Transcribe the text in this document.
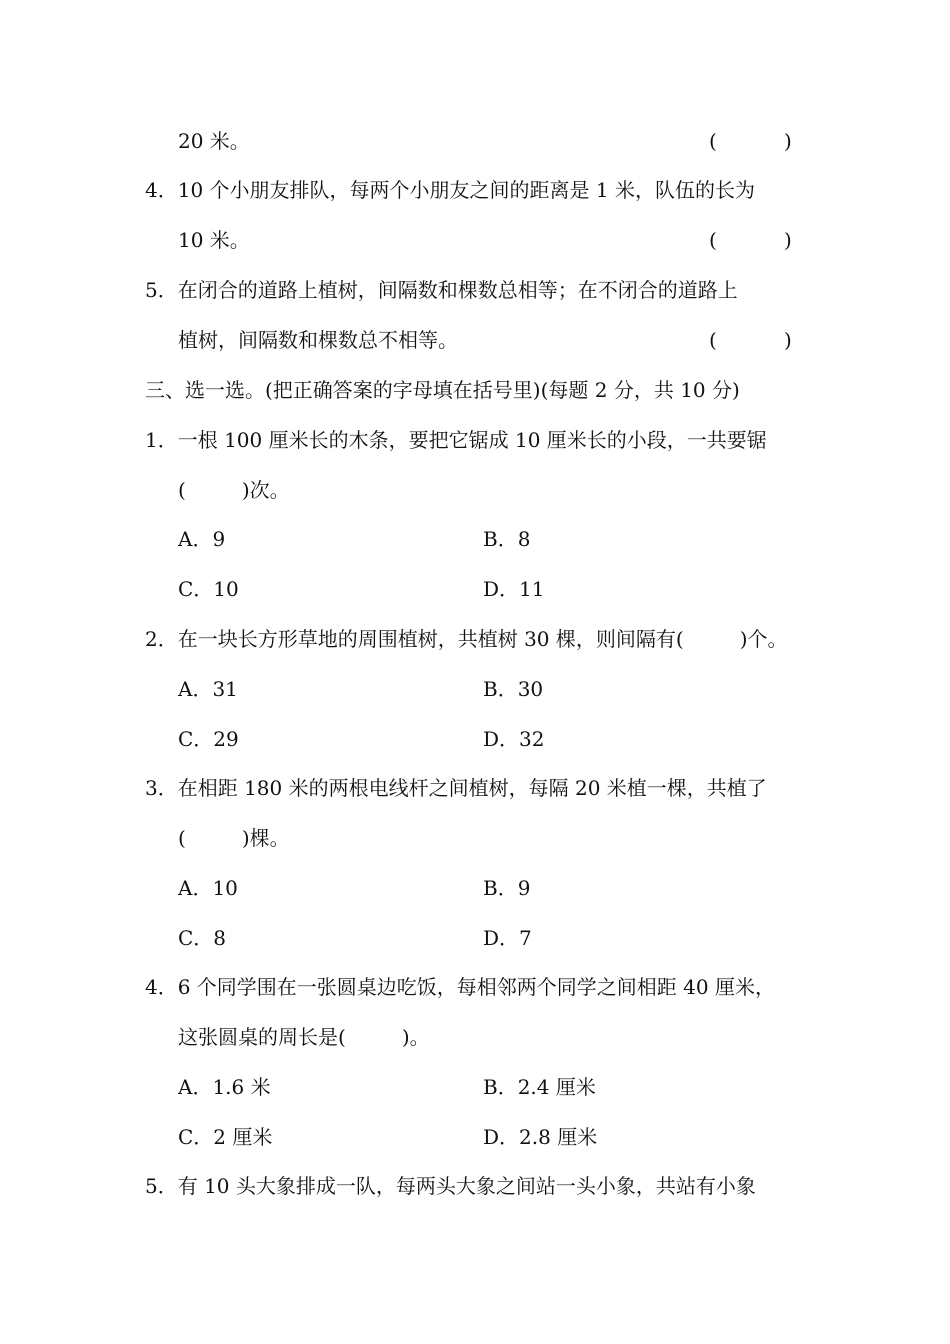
20 米。	(	)
4．10 个小朋友排队，每两个小朋友之间的距离是 1 米，队伍的长为
10 米。	(	)
5．在闭合的道路上植树，间隔数和棵数总相等；在不闭合的道路上
植树，间隔数和棵数总不相等。	(	)
三、选一选。(把正确答案的字母填在括号里)(每题 2 分，共 10 分)
1．一根 100 厘米长的木条，要把它锯成 10 厘米长的小段，一共要锯
(	)次。
A．9	B．8
C．10	D．11
2．在一块长方形草地的周围植树，共植树 30 棵，则间隔有(	)个。
A．31	B．30
C．29	D．32
3．在相距 180 米的两根电线杆之间植树，每隔 20 米植一棵，共植了
(	)棵。
A．10	B．9
C．8	D．7
4．6 个同学围在一张圆桌边吃饭，每相邻两个同学之间相距 40 厘米，
这张圆桌的周长是(	)。
A．1.6 米	B．2.4 厘米
C．2 厘米	D．2.8 厘米
5．有 10 头大象排成一队，每两头大象之间站一头小象，共站有小象
